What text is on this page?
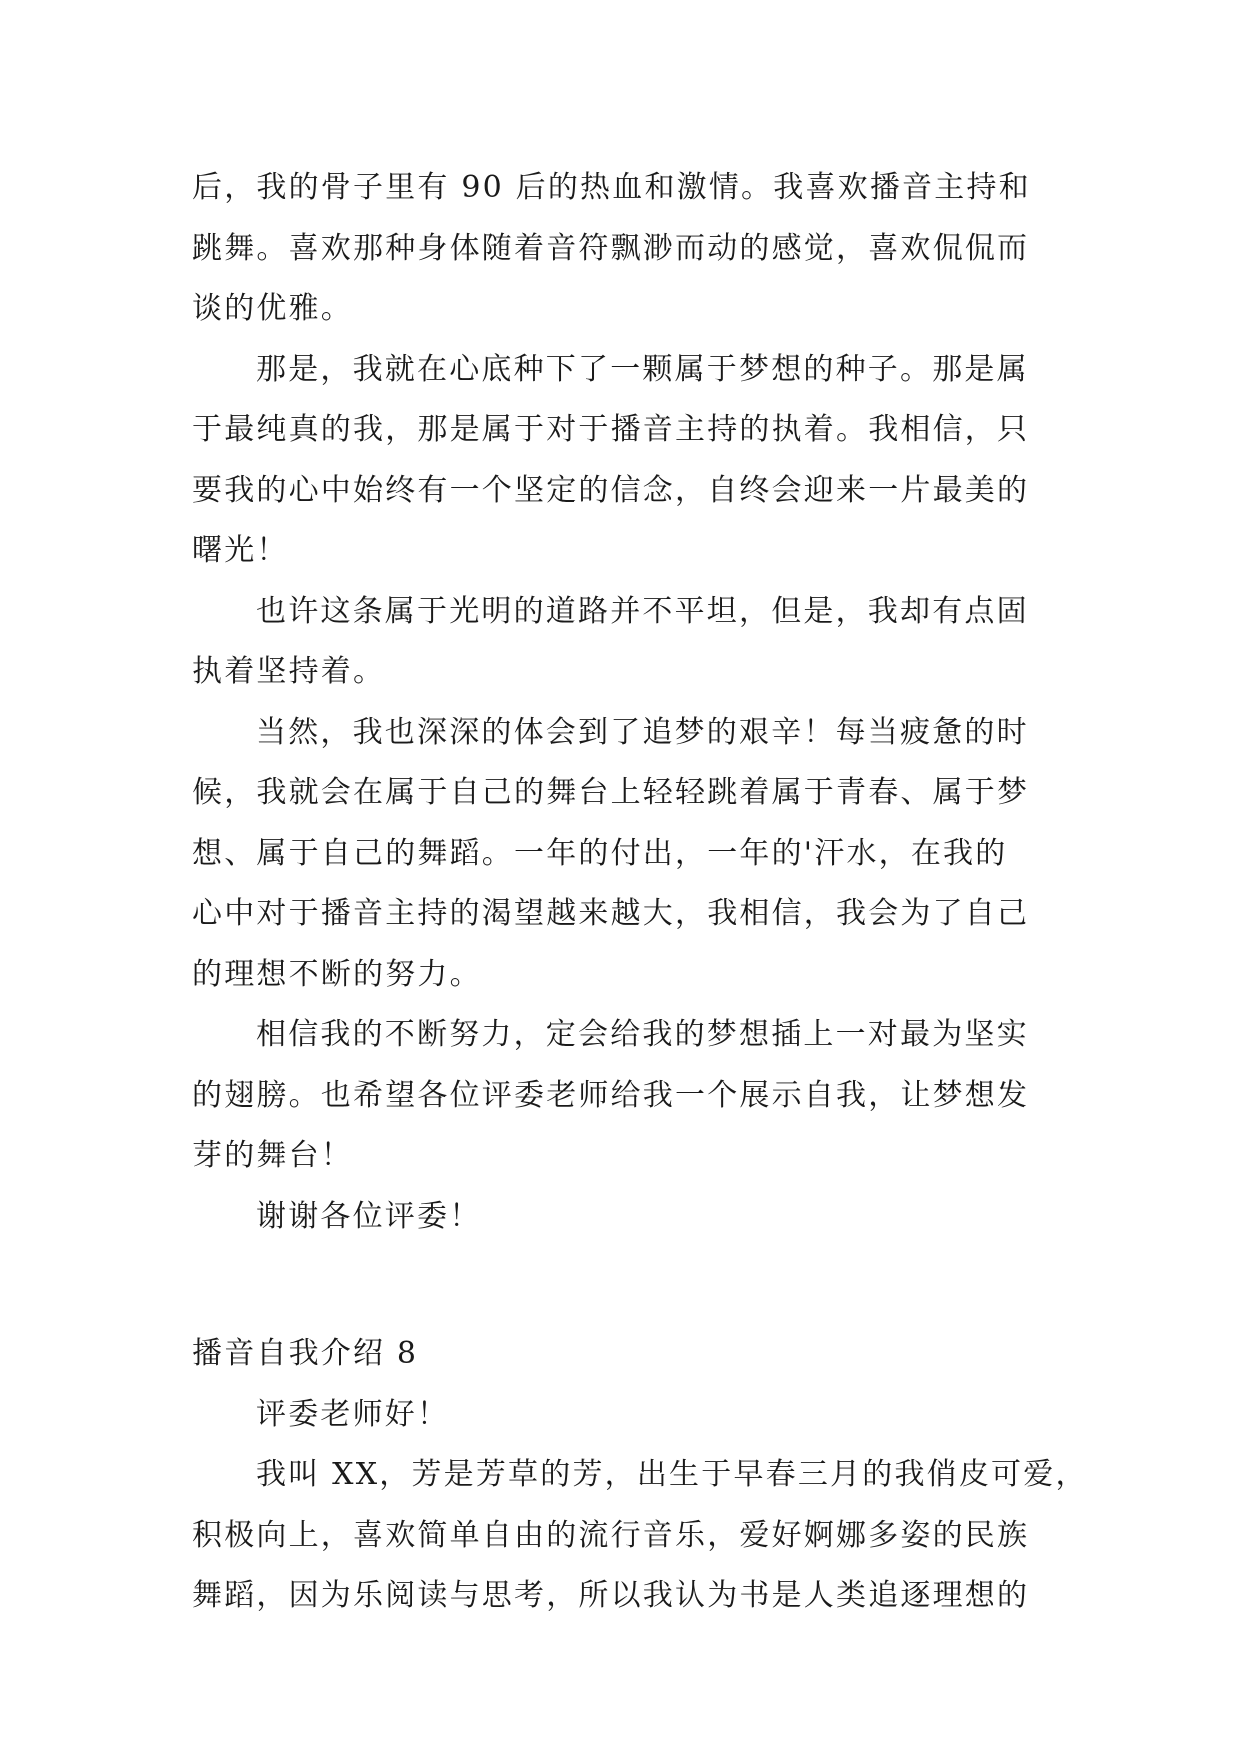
后，我的骨子里有 90 后的热血和激情。我喜欢播音主持和
跳舞。喜欢那种身体随着音符飘渺而动的感觉，喜欢侃侃而
谈的优雅。
那是，我就在心底种下了一颗属于梦想的种子。那是属
于最纯真的我，那是属于对于播音主持的执着。我相信，只
要我的心中始终有一个坚定的信念，自终会迎来一片最美的
曙光！
也许这条属于光明的道路并不平坦，但是，我却有点固
执着坚持着。
当然，我也深深的体会到了追梦的艰辛！每当疲惫的时
候，我就会在属于自己的舞台上轻轻跳着属于青春、属于梦
想、属于自己的舞蹈。一年的付出，一年的'汗水，在我的
心中对于播音主持的渴望越来越大，我相信，我会为了自己
的理想不断的努力。
相信我的不断努力，定会给我的梦想插上一对最为坚实
的翅膀。也希望各位评委老师给我一个展示自我，让梦想发
芽的舞台！
谢谢各位评委！
播音自我介绍 8
评委老师好！
我叫 XX，芳是芳草的芳，出生于早春三月的我俏皮可爱，
积极向上，喜欢简单自由的流行音乐，爱好婀娜多姿的民族
舞蹈，因为乐阅读与思考，所以我认为书是人类追逐理想的
